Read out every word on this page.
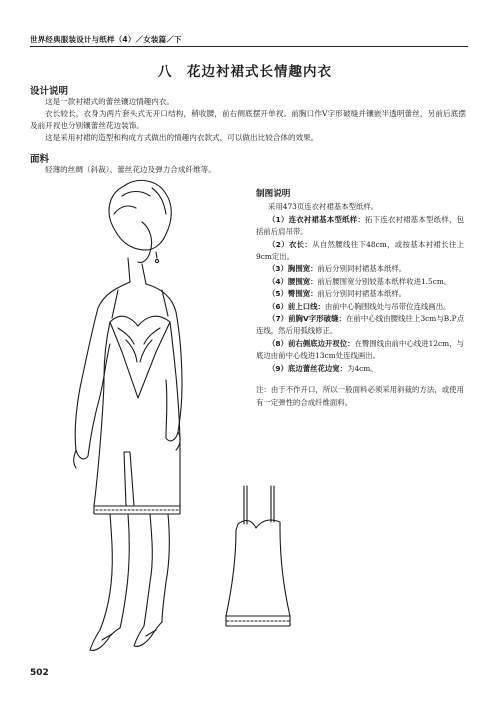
世界经典服装设计与纸样（4）／女装篇／下
八　花边衬裙式长情趣内衣
设计说明

这是一款衬裙式的蕾丝镶边情趣内衣。

衣长较长，衣身为两片套头式无开口结构，稍收腰，前右侧底摆开单衩。前胸口作V字形破缝并镶嵌半透明蕾丝，另前后底摆及前开衩也分别镶蕾丝花边装饰。

这是采用衬裙的造型和构成方式做出的情趣内衣款式，可以做出比较合体的效果。

面料

轻薄的丝绸（斜裁）、蕾丝花边及弹力合成纤维等。

制图说明

采用473页连衣衬裙基本型纸样。

（1）连衣衬裙基本型纸样：拓下连衣衬裙基本型纸样，包括前后肩吊带。

（2）衣长：从自然腰线往下48cm，或按基本衬裙长往上9cm定出。

（3）胸围宽：前后分别同衬裙基本纸样。

（4）腰围宽：前后腰围宽分别较基本纸样收进1.5cm。

（5）臀围宽：前后分别同衬裙基本纸样。

（6）前上口线：由前中心胸围线处与吊带位连线画出。

（7）前胸V字形破缝：在前中心线由腰线往上3cm与B.P点连线，然后用弧线修正。

（8）前右侧底边开衩位：在臀围线由前中心线进12cm，与底边由前中心线进13cm处连线画出。

（9）底边蕾丝花边宽：为4cm。

注：由于不作开口，所以一般面料必须采用斜裁的方法，或使用有一定弹性的合成纤维面料。

502
